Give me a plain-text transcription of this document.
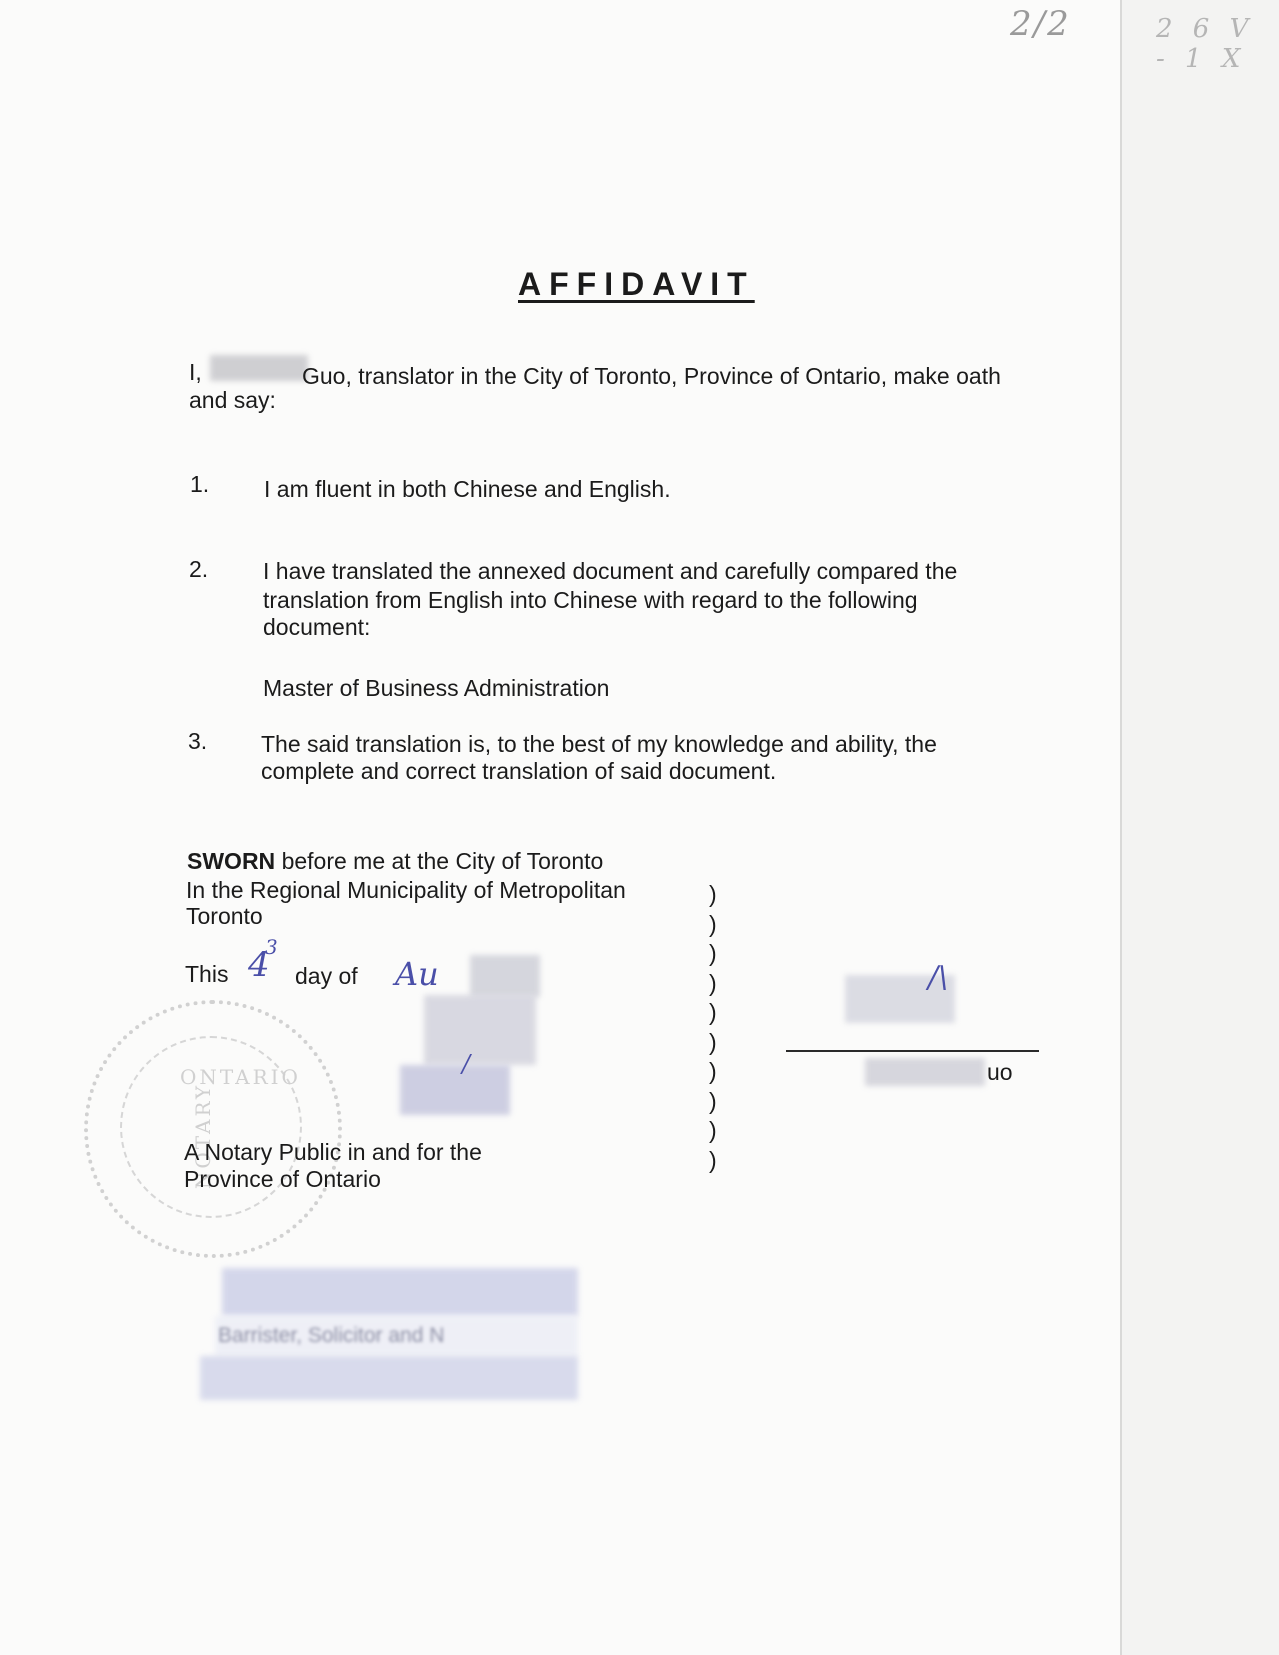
2/2	2 6 V - 1 X
AFFIDAVIT
I,	Guo, translator in the City of Toronto, Province of Ontario, make oath
and say:
1. I am fluent in both Chinese and English.
2. I have translated the annexed document and carefully compared the
translation from English into Chinese with regard to the following
document:
Master of Business Administration
3. The said translation is, to the best of my knowledge and ability, the
complete and correct translation of said document.
SWORN before me at the City of Toronto
In the Regional Municipality of Metropolitan
Toronto
This 4
3
day of Au
/
ONTARIO
NOTARY
A Notary Public in and for the
Province of Ontario
)
)
)
)
)
)
)
)
)
)
/\
uo
Barrister, Solicitor and N
